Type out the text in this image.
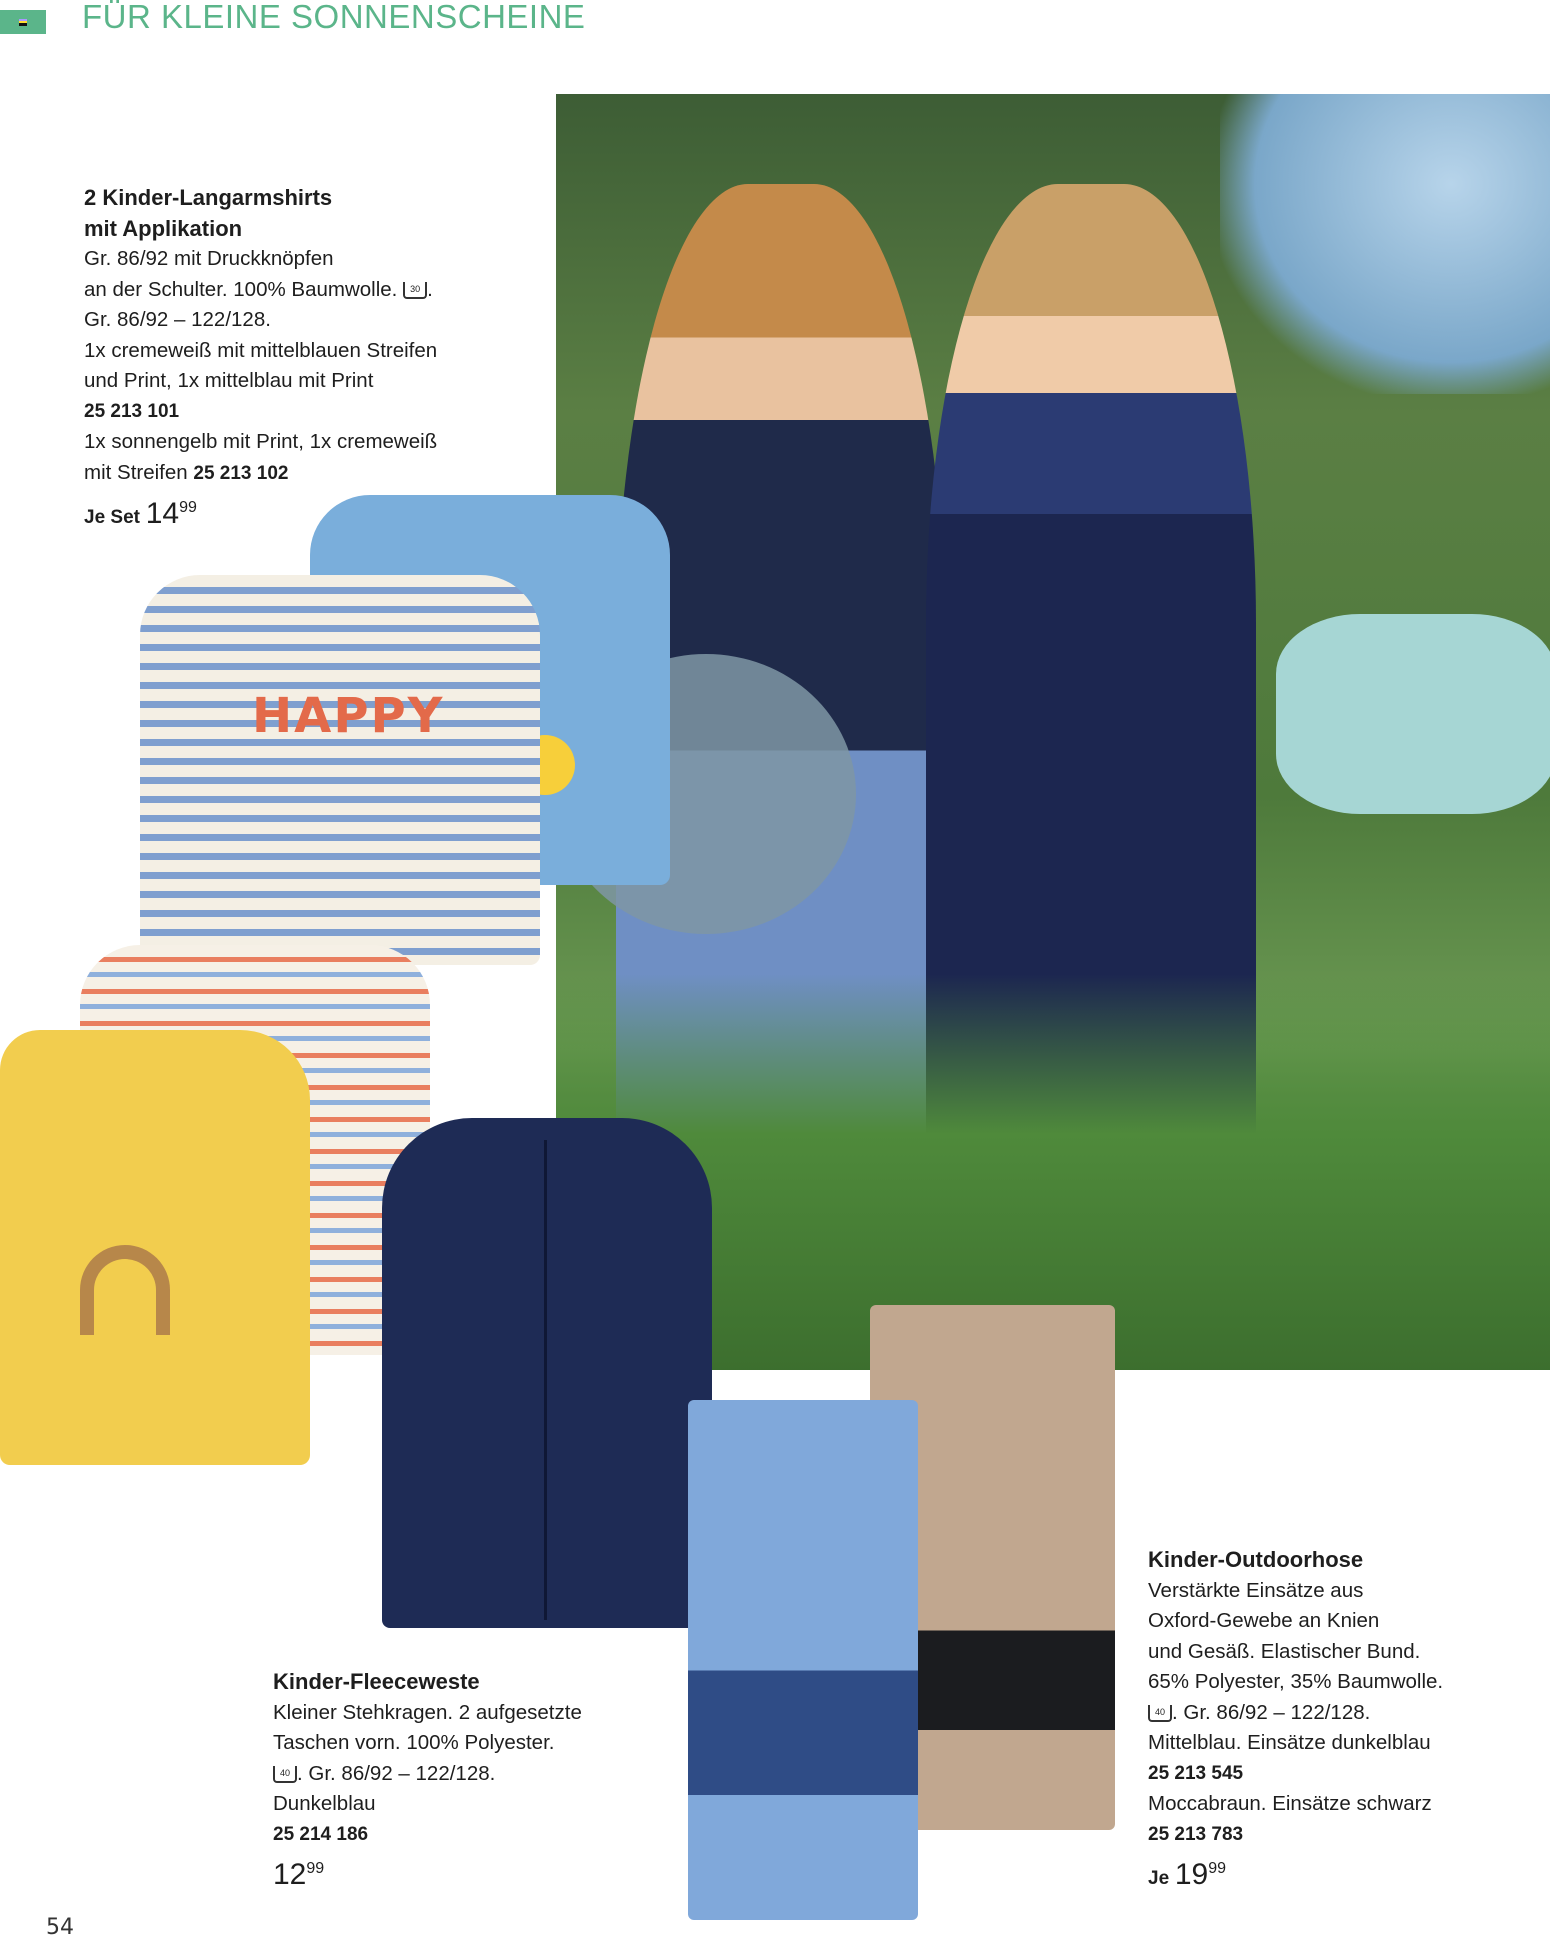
FÜR KLEINE SONNENSCHEINE
2 Kinder-Langarmshirts
mit Applikation
Gr. 86/92 mit Druckknöpfen
an der Schulter. 100% Baumwolle. 30 .
Gr. 86/92 – 122/128.
1x cremeweiß mit mittelblauen Streifen
und Print, 1x mittelblau mit Print
25 213 101
1x sonnengelb mit Print, 1x cremeweiß
mit Streifen 25 213 102
Je Set $14^{99}$
HAPPY
Kinder-Fleeceweste
Kleiner Stehkragen. 2 aufgesetzte
Taschen vorn. 100% Polyester.
40 . Gr. 86/92 – 122/128.
Dunkelblau
25 214 186
$12^{99}$
Kinder-Outdoorhose
Verstärkte Einsätze aus
Oxford-Gewebe an Knien
und Gesäß. Elastischer Bund.
65% Polyester, 35% Baumwolle.
40 . Gr. 86/92 – 122/128.
Mittelblau. Einsätze dunkelblau
25 213 545
Moccabraun. Einsätze schwarz
25 213 783
Je $19^{99}$
54
